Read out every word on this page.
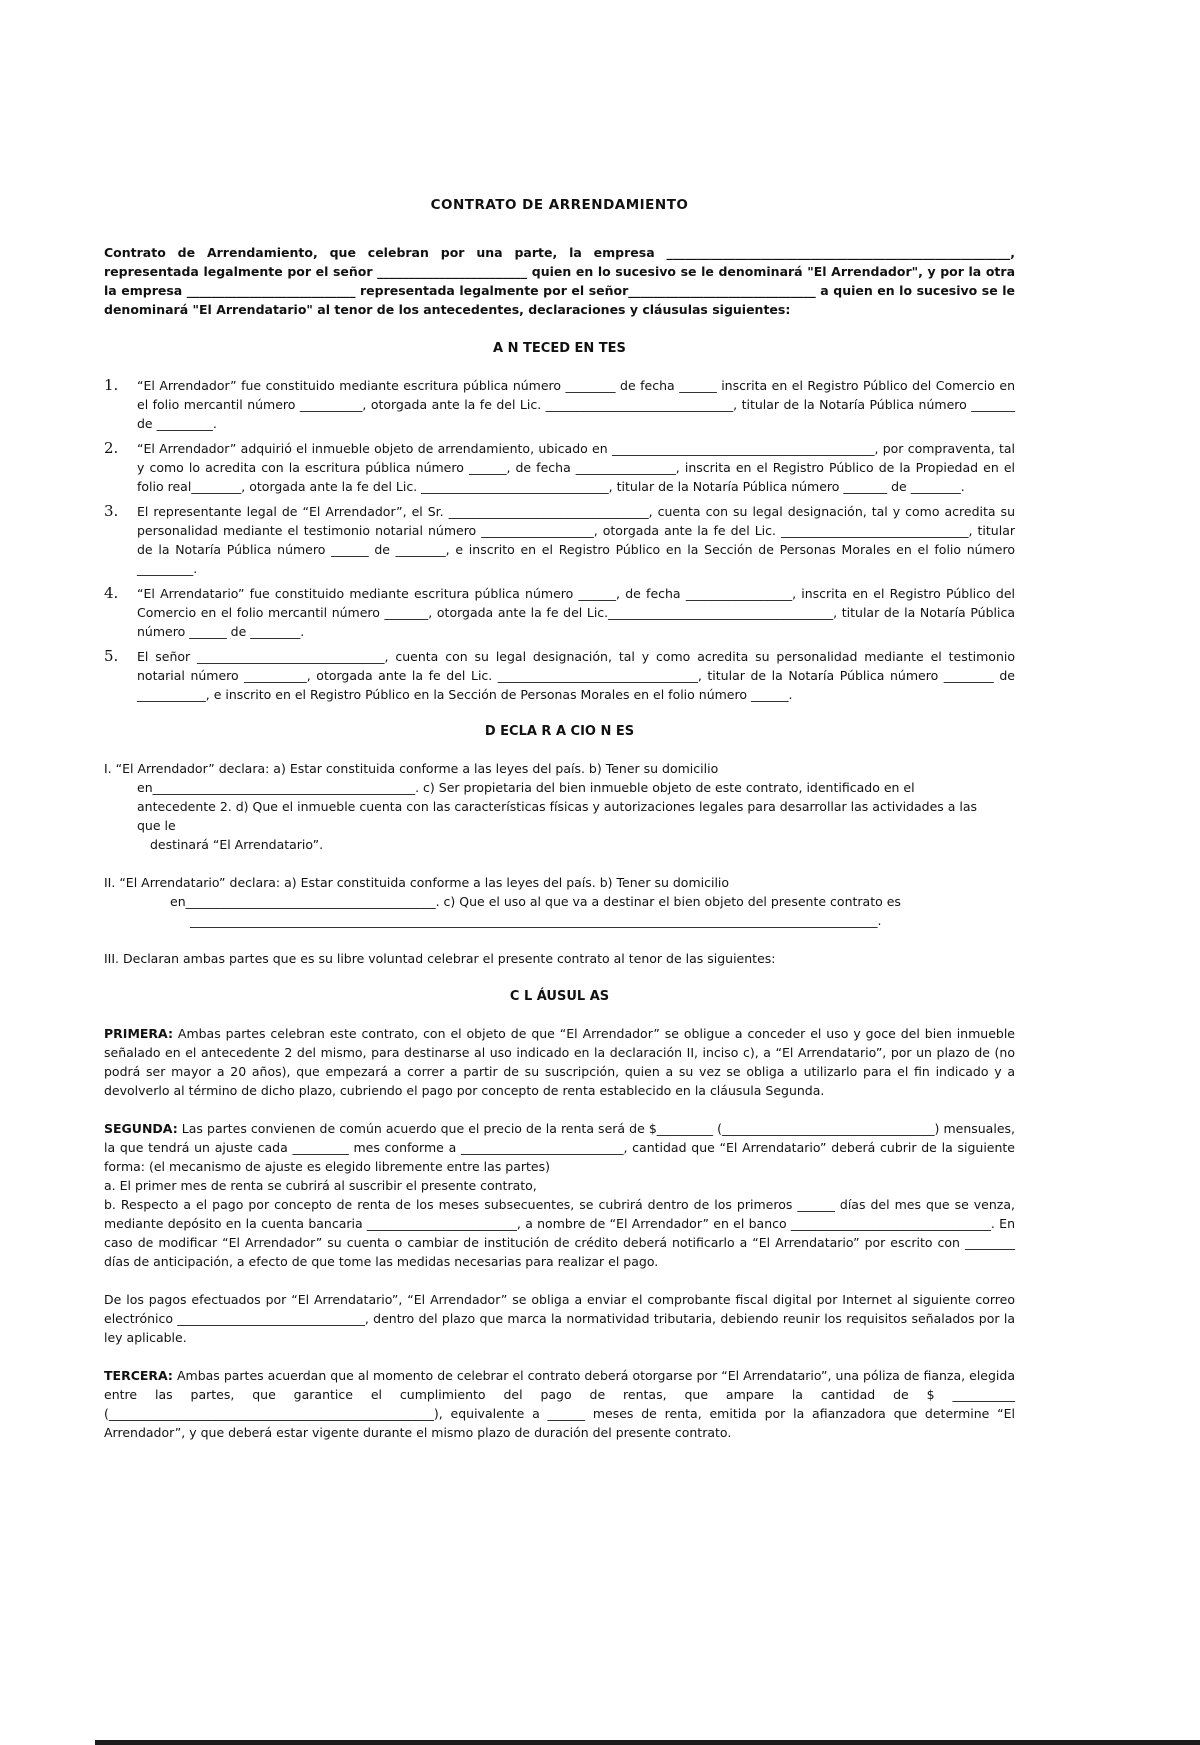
CONTRATO DE ARRENDAMIENTO

Contrato de Arrendamiento, que celebran por una parte, la empresa _______________________________________________________, representada legalmente por el señor ________________________ quien en lo sucesivo se le denominará "El Arrendador", y por la otra la empresa ___________________________ representada legalmente por el señor______________________________ a quien en lo sucesivo se le denominará "El Arrendatario" al tenor de los antecedentes, declaraciones y cláusulas siguientes:

A N TECED EN TES
1.	“El Arrendador” fue constituido mediante escritura pública número ________ de fecha ______ inscrita en el Registro Público del Comercio en el folio mercantil número __________, otorgada ante la fe del Lic. ______________________________, titular de la Notaría Pública número _______ de _________.
2.	“El Arrendador” adquirió el inmueble objeto de arrendamiento, ubicado en __________________________________________, por compraventa, tal y como lo acredita con la escritura pública número ______, de fecha ________________, inscrita en el Registro Público de la Propiedad en el folio real________, otorgada ante la fe del Lic. ______________________________, titular de la Notaría Pública número _______ de ________.
3.	El representante legal de “El Arrendador”, el Sr. ________________________________, cuenta con su legal designación, tal y como acredita su personalidad mediante el testimonio notarial número __________________, otorgada ante la fe del Lic. ______________________________, titular de la Notaría Pública número ______ de ________, e inscrito en el Registro Público en la Sección de Personas Morales en el folio número _________.
4.	“El Arrendatario” fue constituido mediante escritura pública número ______, de fecha _________________, inscrita en el Registro Público del Comercio en el folio mercantil número _______, otorgada ante la fe del Lic.____________________________________, titular de la Notaría Pública número ______ de ________.
5.	El señor ______________________________, cuenta con su legal designación, tal y como acredita su personalidad mediante el testimonio notarial número __________, otorgada ante la fe del Lic. ________________________________, titular de la Notaría Pública número ________ de ___________, e inscrito en el Registro Público en la Sección de Personas Morales en el folio número ______.
D ECLA R A CIO N ES
I. “El Arrendador” declara: a) Estar constituida conforme a las leyes del país. b) Tener su domicilio
en__________________________________________. c) Ser propietaria del bien inmueble objeto de este contrato, identificado en el
antecedente 2. d) Que el inmueble cuenta con las características físicas y autorizaciones legales para desarrollar las actividades a las
que le
destinará “El Arrendatario”.
II. “El Arrendatario” declara: a) Estar constituida conforme a las leyes del país. b) Tener su domicilio
en________________________________________. c) Que el uso al que va a destinar el bien objeto del presente contrato es
______________________________________________________________________________________________________________.
III. Declaran ambas partes que es su libre voluntad celebrar el presente contrato al tenor de las siguientes:
C L ÁUSUL AS

PRIMERA: Ambas partes celebran este contrato, con el objeto de que “El Arrendador” se obligue a conceder el uso y goce del bien inmueble señalado en el antecedente 2 del mismo, para destinarse al uso indicado en la declaración II, inciso c), a “El Arrendatario”, por un plazo de (no podrá ser mayor a 20 años), que empezará a correr a partir de su suscripción, quien a su vez se obliga a utilizarlo para el fin indicado y a devolverlo al término de dicho plazo, cubriendo el pago por concepto de renta establecido en la cláusula Segunda.

SEGUNDA: Las partes convienen de común acuerdo que el precio de la renta será de $_________ (__________________________________) mensuales, la que tendrá un ajuste cada _________ mes conforme a __________________________, cantidad que “El Arrendatario” deberá cubrir de la siguiente forma: (el mecanismo de ajuste es elegido libremente entre las partes)

a. El primer mes de renta se cubrirá al suscribir el presente contrato,
b. Respecto a el pago por concepto de renta de los meses subsecuentes, se cubrirá dentro de los primeros ______ días del mes que se venza, mediante depósito en la cuenta bancaria ________________________, a nombre de “El Arrendador” en el banco ________________________________. En caso de modificar “El Arrendador” su cuenta o cambiar de institución de crédito deberá notificarlo a “El Arrendatario” por escrito con ________ días de anticipación, a efecto de que tome las medidas necesarias para realizar el pago.

De los pagos efectuados por “El Arrendatario”, “El Arrendador” se obliga a enviar el comprobante fiscal digital por Internet al siguiente correo electrónico ______________________________, dentro del plazo que marca la normatividad tributaria, debiendo reunir los requisitos señalados por la ley aplicable.

TERCERA: Ambas partes acuerdan que al momento de celebrar el contrato deberá otorgarse por “El Arrendatario”, una póliza de fianza, elegida entre las partes, que garantice el cumplimiento del pago de rentas, que ampare la cantidad de $ __________ (____________________________________________________), equivalente a ______ meses de renta, emitida por la afianzadora que determine “El Arrendador”, y que deberá estar vigente durante el mismo plazo de duración del presente contrato.
